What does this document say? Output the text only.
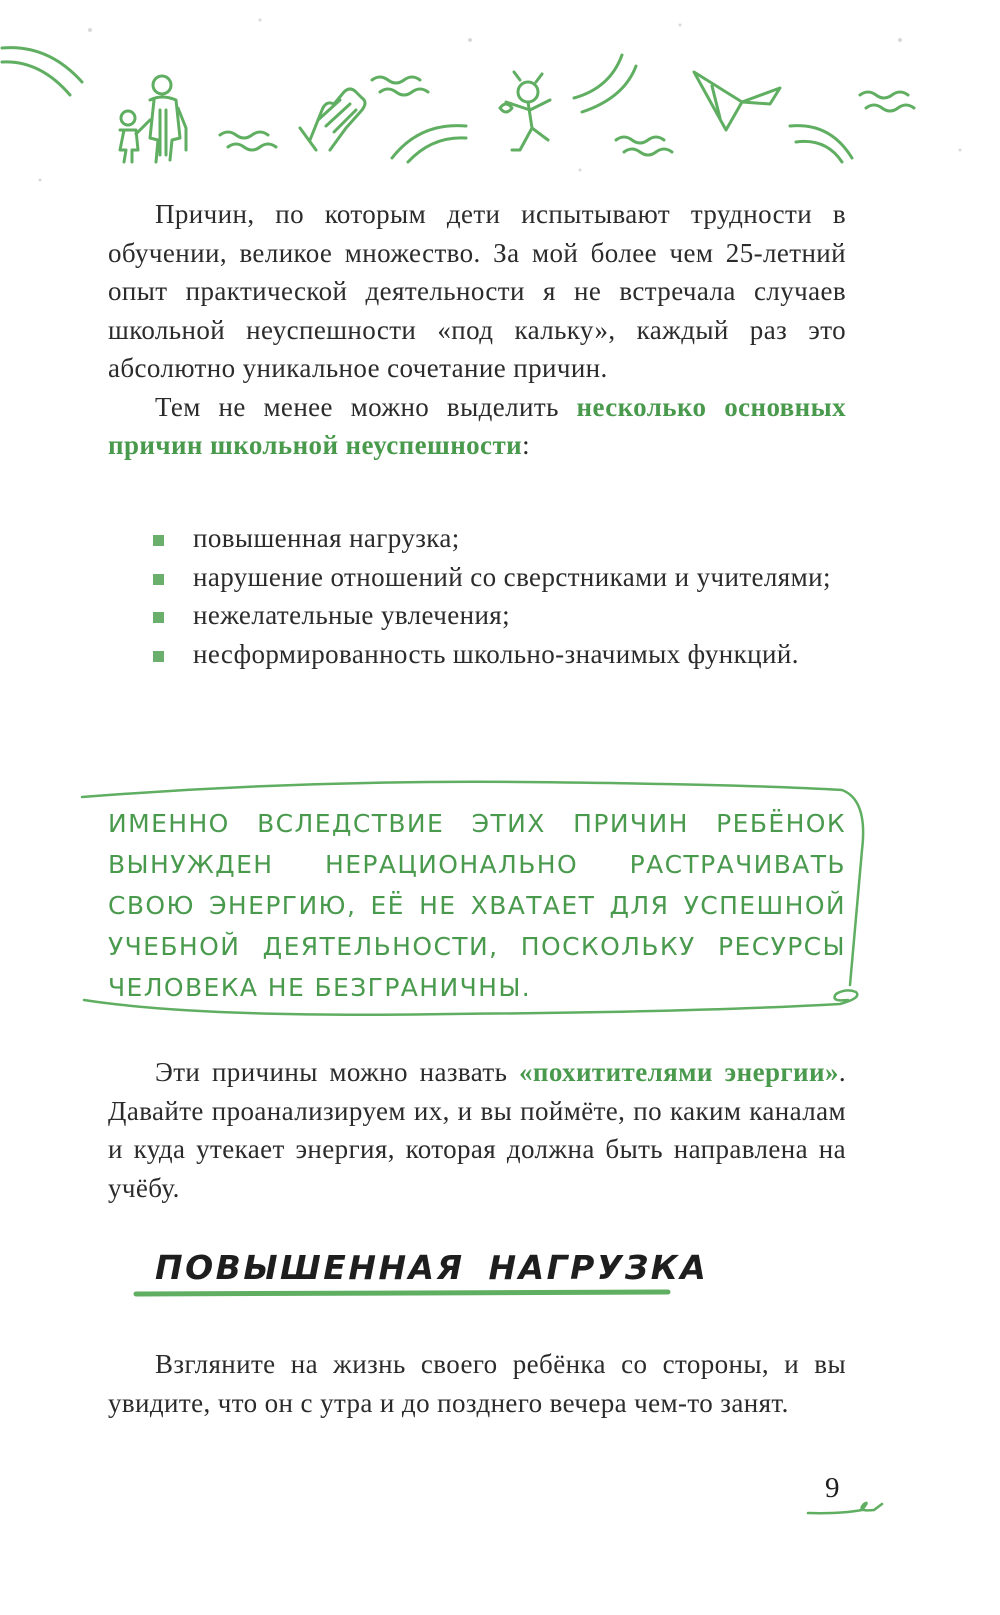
Причин, по которым дети испытывают трудности в обучении, великое множество. За мой более чем 25-летний опыт практической деятельности я не встречала случаев школьной неуспешности «под кальку», каждый раз это абсолютно уникальное сочетание причин.

Тем не менее можно выделить несколько основных причин школьной неуспешности:

повышенная нагрузка;
нарушение отношений со сверстниками и учителями;
нежелательные увлечения;
несформированность школьно-значимых функций.
ИМЕННО ВСЛЕДСТВИЕ ЭТИХ ПРИЧИН РЕБЁНОК ВЫНУЖДЕН НЕРАЦИОНАЛЬНО РАСТРАЧИВАТЬ СВОЮ ЭНЕРГИЮ, ЕЁ НЕ ХВАТАЕТ ДЛЯ УСПЕШНОЙ УЧЕБНОЙ ДЕЯТЕЛЬНОСТИ, ПОСКОЛЬКУ РЕСУРСЫ ЧЕЛОВЕКА НЕ БЕЗГРАНИЧНЫ.

Эти причины можно назвать «похитителями энергии». Давайте проанализируем их, и вы поймёте, по каким каналам и куда утекает энергия, которая должна быть направлена на учёбу.

ПОВЫШЕННАЯ НАГРУЗКА

Взгляните на жизнь своего ребёнка со стороны, и вы увидите, что он с утра и до позднего вечера чем-то занят.

9
